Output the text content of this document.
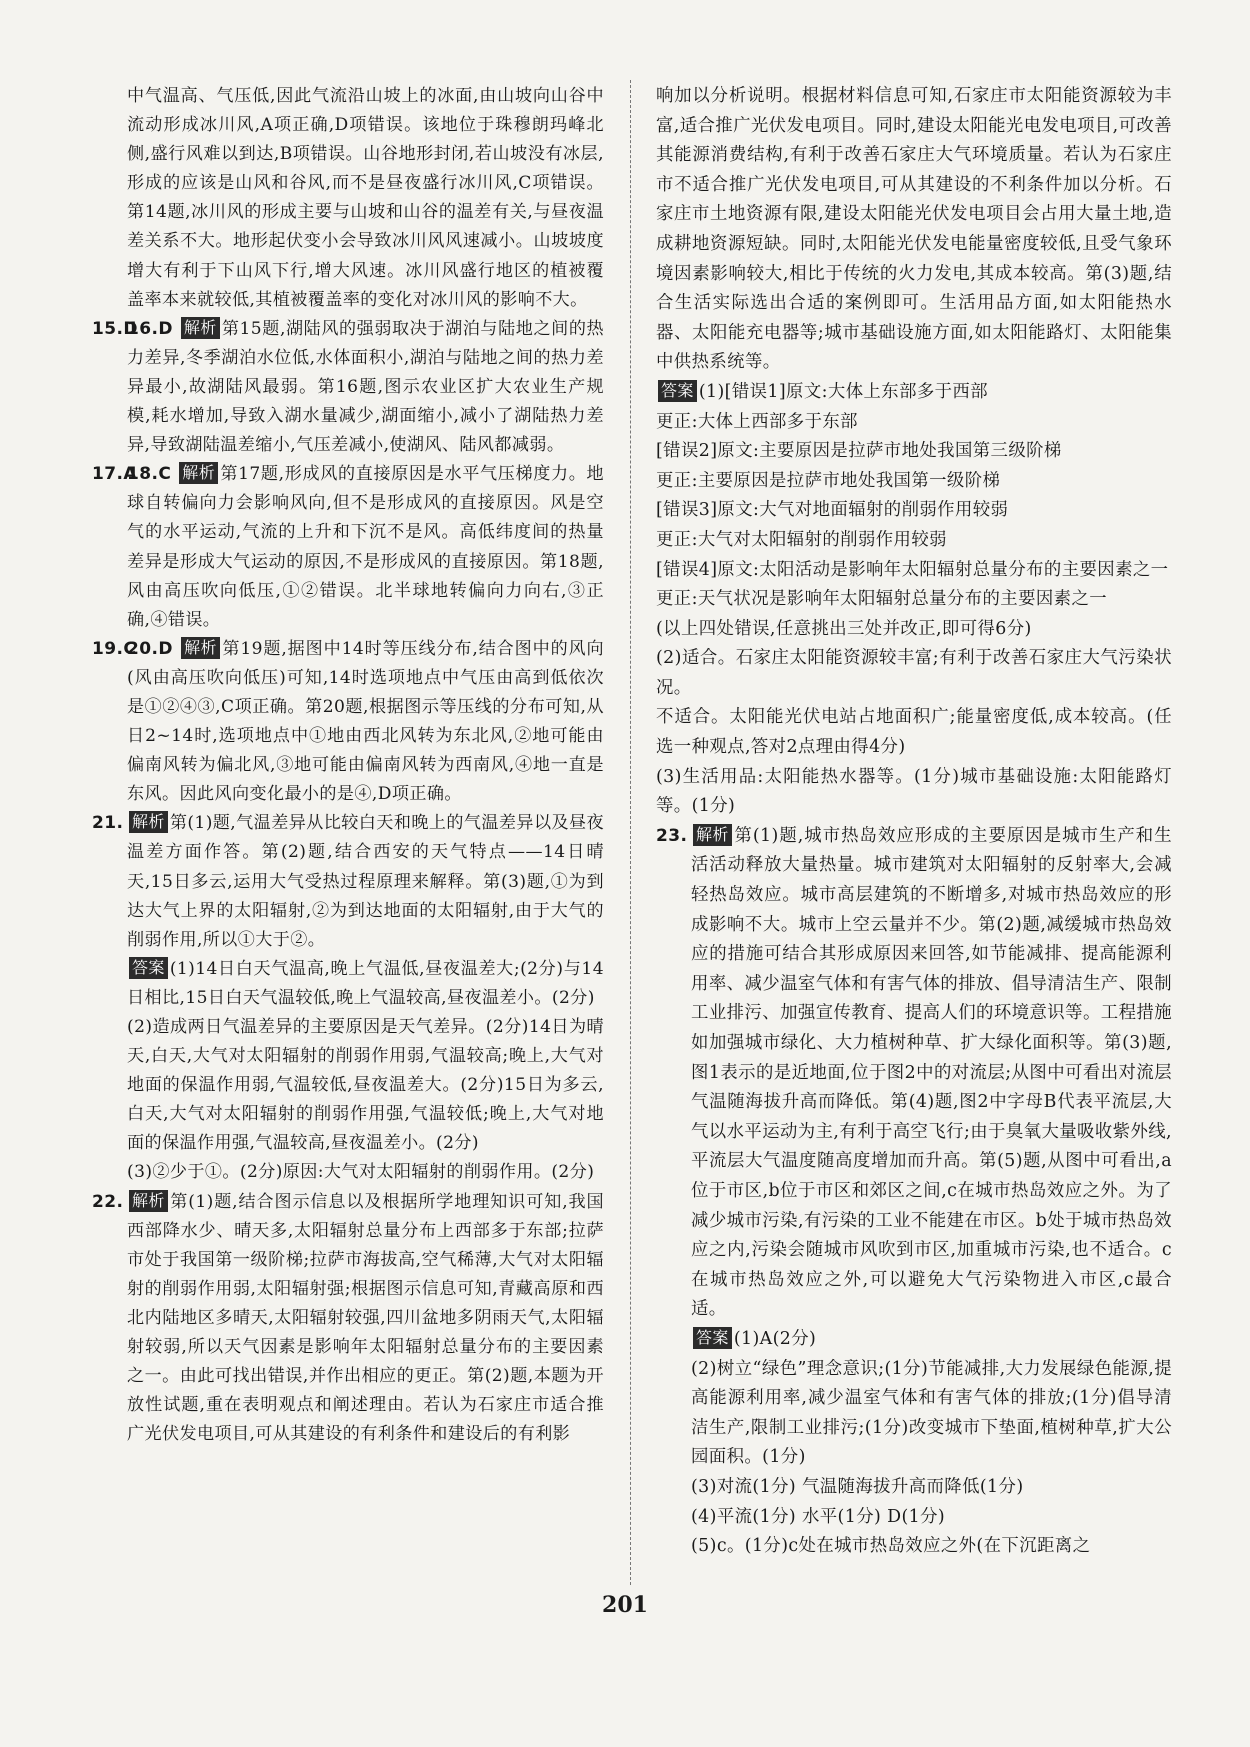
中气温高、气压低,因此气流沿山坡上的冰面,由山坡向山谷中流动形成冰川风,A项正确,D项错误。该地位于珠穆朗玛峰北侧,盛行风难以到达,B项错误。山谷地形封闭,若山坡没有冰层,形成的应该是山风和谷风,而不是昼夜盛行冰川风,C项错误。第14题,冰川风的形成主要与山坡和山谷的温差有关,与昼夜温差关系不大。地形起伏变小会导致冰川风风速减小。山坡坡度增大有利于下山风下行,增大风速。冰川风盛行地区的植被覆盖率本来就较低,其植被覆盖率的变化对冰川风的影响不大。

15.D
16.D 解析 第15题,湖陆风的强弱取决于湖泊与陆地之间的热力差异,冬季湖泊水位低,水体面积小,湖泊与陆地之间的热力差异最小,故湖陆风最弱。第16题,图示农业区扩大农业生产规模,耗水增加,导致入湖水量减少,湖面缩小,减小了湖陆热力差异,导致湖陆温差缩小,气压差减小,使湖风、陆风都减弱。

17.A
18.C 解析 第17题,形成风的直接原因是水平气压梯度力。地球自转偏向力会影响风向,但不是形成风的直接原因。风是空气的水平运动,气流的上升和下沉不是风。高低纬度间的热量差异是形成大气运动的原因,不是形成风的直接原因。第18题,风由高压吹向低压,①②错误。北半球地转偏向力向右,③正确,④错误。

19.C
20.D 解析 第19题,据图中14时等压线分布,结合图中的风向(风由高压吹向低压)可知,14时选项地点中气压由高到低依次是①②④③,C项正确。第20题,根据图示等压线的分布可知,从日2~14时,选项地点中①地由西北风转为东北风,②地可能由偏南风转为偏北风,③地可能由偏南风转为西南风,④地一直是东风。因此风向变化最小的是④,D项正确。

21. 解析 第(1)题,气温差异从比较白天和晚上的气温差异以及昼夜温差方面作答。第(2)题,结合西安的天气特点——14日晴天,15日多云,运用大气受热过程原理来解释。第(3)题,①为到达大气上界的太阳辐射,②为到达地面的太阳辐射,由于大气的削弱作用,所以①大于②。

答案 (1)14日白天气温高,晚上气温低,昼夜温差大;(2分)与14日相比,15日白天气温较低,晚上气温较高,昼夜温差小。(2分)

(2)造成两日气温差异的主要原因是天气差异。(2分)14日为晴天,白天,大气对太阳辐射的削弱作用弱,气温较高;晚上,大气对地面的保温作用弱,气温较低,昼夜温差大。(2分)15日为多云,白天,大气对太阳辐射的削弱作用强,气温较低;晚上,大气对地面的保温作用强,气温较高,昼夜温差小。(2分)

(3)②少于①。(2分)原因:大气对太阳辐射的削弱作用。(2分)

22. 解析 第(1)题,结合图示信息以及根据所学地理知识可知,我国西部降水少、晴天多,太阳辐射总量分布上西部多于东部;拉萨市处于我国第一级阶梯;拉萨市海拔高,空气稀薄,大气对太阳辐射的削弱作用弱,太阳辐射强;根据图示信息可知,青藏高原和西北内陆地区多晴天,太阳辐射较强,四川盆地多阴雨天气,太阳辐射较弱,所以天气因素是影响年太阳辐射总量分布的主要因素之一。由此可找出错误,并作出相应的更正。第(2)题,本题为开放性试题,重在表明观点和阐述理由。若认为石家庄市适合推广光伏发电项目,可从其建设的有利条件和建设后的有利影

响加以分析说明。根据材料信息可知,石家庄市太阳能资源较为丰富,适合推广光伏发电项目。同时,建设太阳能光电发电项目,可改善其能源消费结构,有利于改善石家庄大气环境质量。若认为石家庄市不适合推广光伏发电项目,可从其建设的不利条件加以分析。石家庄市土地资源有限,建设太阳能光伏发电项目会占用大量土地,造成耕地资源短缺。同时,太阳能光伏发电能量密度较低,且受气象环境因素影响较大,相比于传统的火力发电,其成本较高。第(3)题,结合生活实际选出合适的案例即可。生活用品方面,如太阳能热水器、太阳能充电器等;城市基础设施方面,如太阳能路灯、太阳能集中供热系统等。

答案 (1)[错误1]原文:大体上东部多于西部

更正:大体上西部多于东部

[错误2]原文:主要原因是拉萨市地处我国第三级阶梯

更正:主要原因是拉萨市地处我国第一级阶梯

[错误3]原文:大气对地面辐射的削弱作用较弱

更正:大气对太阳辐射的削弱作用较弱

[错误4]原文:太阳活动是影响年太阳辐射总量分布的主要因素之一

更正:天气状况是影响年太阳辐射总量分布的主要因素之一

(以上四处错误,任意挑出三处并改正,即可得6分)

(2)适合。石家庄太阳能资源较丰富;有利于改善石家庄大气污染状况。

不适合。太阳能光伏电站占地面积广;能量密度低,成本较高。(任选一种观点,答对2点理由得4分)

(3)生活用品:太阳能热水器等。(1分)城市基础设施:太阳能路灯等。(1分)

23. 解析 第(1)题,城市热岛效应形成的主要原因是城市生产和生活活动释放大量热量。城市建筑对太阳辐射的反射率大,会减轻热岛效应。城市高层建筑的不断增多,对城市热岛效应的形成影响不大。城市上空云量并不少。第(2)题,减缓城市热岛效应的措施可结合其形成原因来回答,如节能减排、提高能源利用率、减少温室气体和有害气体的排放、倡导清洁生产、限制工业排污、加强宣传教育、提高人们的环境意识等。工程措施如加强城市绿化、大力植树种草、扩大绿化面积等。第(3)题,图1表示的是近地面,位于图2中的对流层;从图中可看出对流层气温随海拔升高而降低。第(4)题,图2中字母B代表平流层,大气以水平运动为主,有利于高空飞行;由于臭氧大量吸收紫外线,平流层大气温度随高度增加而升高。第(5)题,从图中可看出,a位于市区,b位于市区和郊区之间,c在城市热岛效应之外。为了减少城市污染,有污染的工业不能建在市区。b处于城市热岛效应之内,污染会随城市风吹到市区,加重城市污染,也不适合。c在城市热岛效应之外,可以避免大气污染物进入市区,c最合适。

答案 (1)A(2分)

(2)树立“绿色”理念意识;(1分)节能减排,大力发展绿色能源,提高能源利用率,减少温室气体和有害气体的排放;(1分)倡导清洁生产,限制工业排污;(1分)改变城市下垫面,植树种草,扩大公园面积。(1分)

(3)对流(1分) 气温随海拔升高而降低(1分)

(4)平流(1分) 水平(1分) D(1分)

(5)c。(1分)c处在城市热岛效应之外(在下沉距离之

201
